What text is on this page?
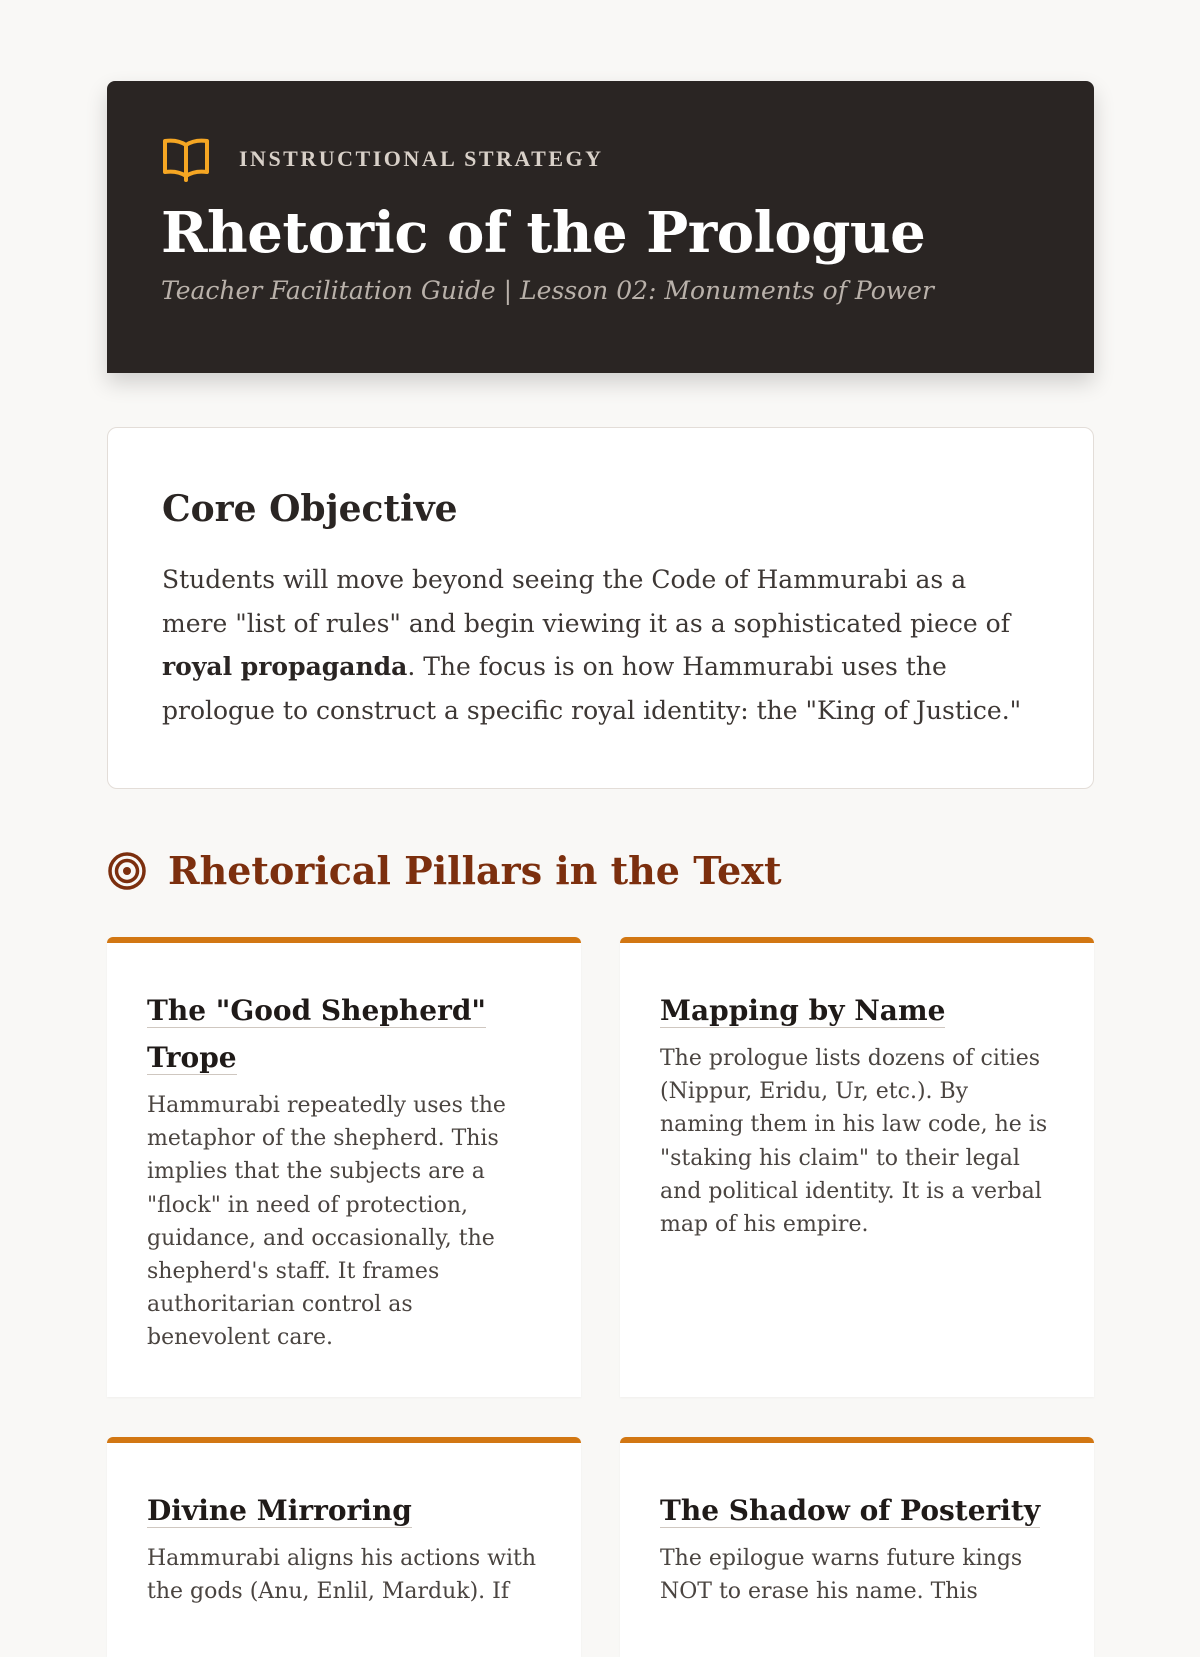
INSTRUCTIONAL STRATEGY
Rhetoric of the Prologue
Teacher Facilitation Guide | Lesson 02: Monuments of Power
Core Objective

Students will move beyond seeing the Code of Hammurabi as a mere "list of rules" and begin viewing it as a sophisticated piece of royal propaganda. The focus is on how Hammurabi uses the prologue to construct a specific royal identity: the "King of Justice."

Rhetorical Pillars in the Text
The "Good Shepherd" Trope

Hammurabi repeatedly uses the metaphor of the shepherd. This implies that the subjects are a "flock" in need of protection, guidance, and occasionally, the shepherd's staff. It frames authoritarian control as benevolent care.

Mapping by Name

The prologue lists dozens of cities (Nippur, Eridu, Ur, etc.). By naming them in his law code, he is "staking his claim" to their legal and political identity. It is a verbal map of his empire.

Divine Mirroring

Hammurabi aligns his actions with the gods (Anu, Enlil, Marduk). If

The Shadow of Posterity

The epilogue warns future kings NOT to erase his name. This
